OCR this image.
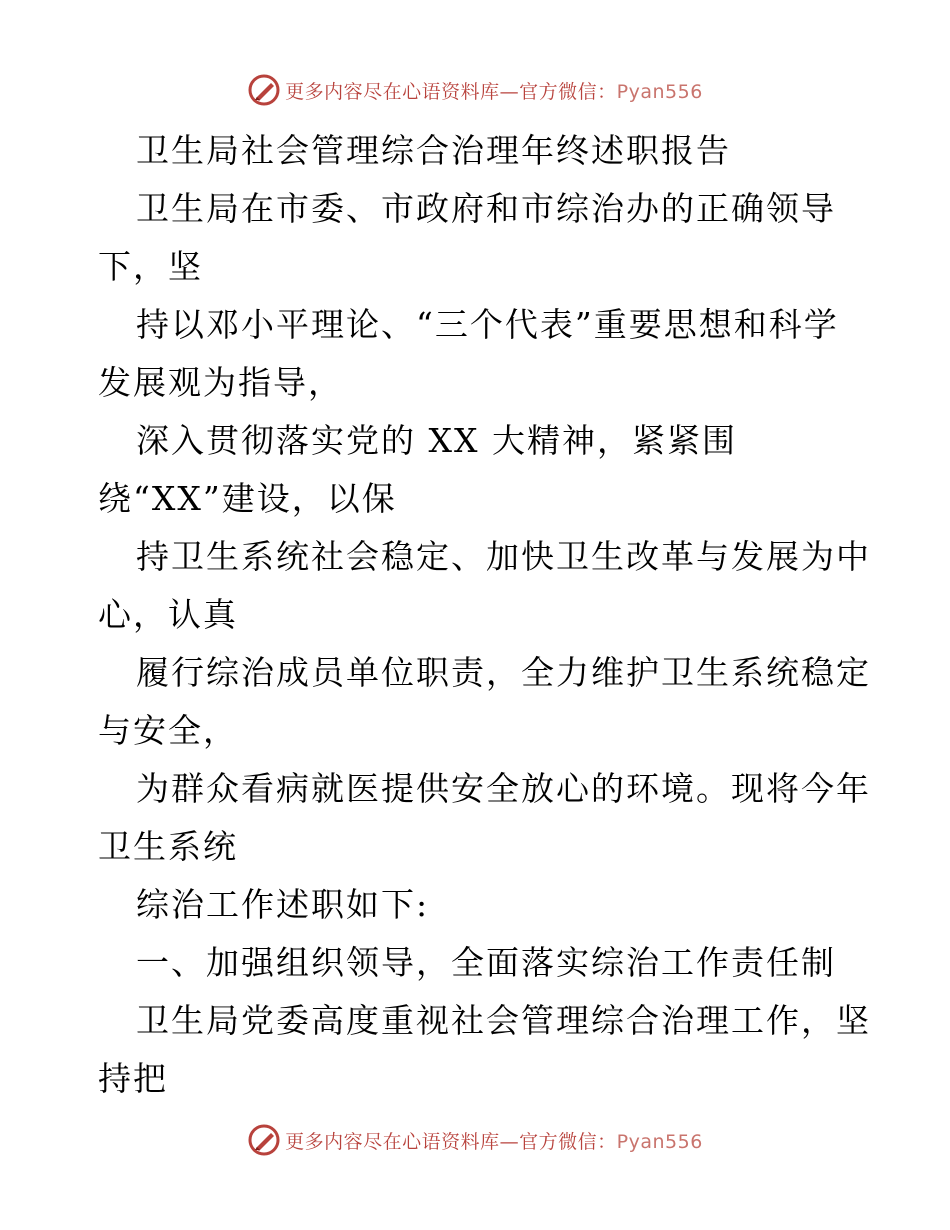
更多内容尽在心语资料库—官方微信：Pyan556
卫生局社会管理综合治理年终述职报告
卫生局在市委、市政府和市综治办的正确领导
下，坚
持以邓小平理论、“三个代表”重要思想和科学
发展观为指导，
深入贯彻落实党的 XX 大精神，紧紧围
绕“XX”建设，以保
持卫生系统社会稳定、加快卫生改革与发展为中
心，认真
履行综治成员单位职责，全力维护卫生系统稳定
与安全，
为群众看病就医提供安全放心的环境。现将今年
卫生系统
综治工作述职如下:
一、加强组织领导，全面落实综治工作责任制
卫生局党委高度重视社会管理综合治理工作，坚
持把
更多内容尽在心语资料库—官方微信：Pyan556
